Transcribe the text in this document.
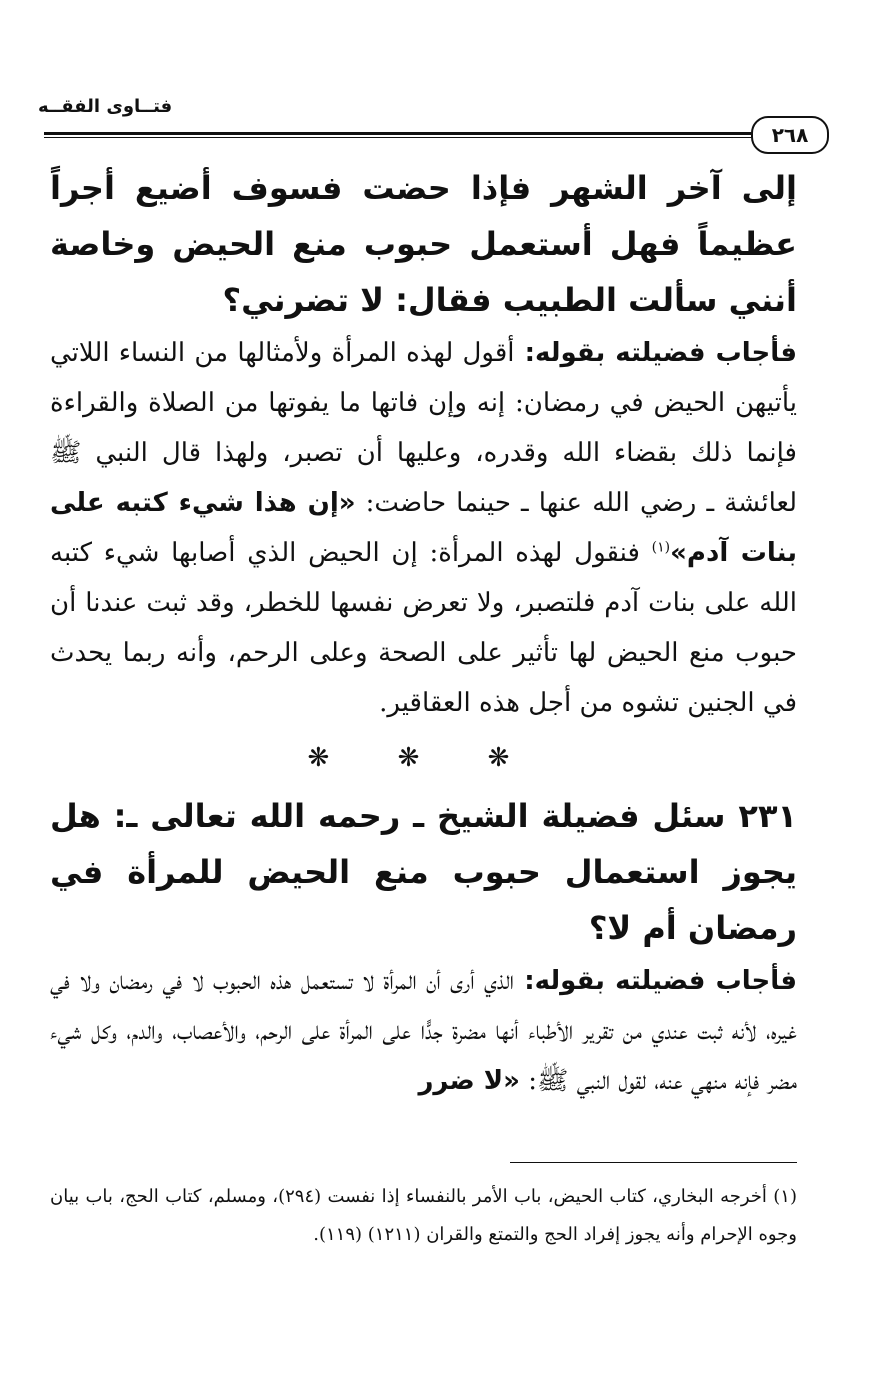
فتــاوى الفقــه
٢٦٨

إلى آخر الشهر فإذا حضت فسوف أضيع أجراً عظيماً فهل أستعمل حبوب منع الحيض وخاصة أنني سألت الطبيب فقال: لا تضرني؟

فأجاب فضيلته بقوله: أقول لهذه المرأة ولأمثالها من النساء اللاتي يأتيهن الحيض في رمضان: إنه وإن فاتها ما يفوتها من الصلاة والقراءة فإنما ذلك بقضاء الله وقدره، وعليها أن تصبر، ولهذا قال النبي ﷺ لعائشة ـ رضي الله عنها ـ حينما حاضت: «إن هذا شيء كتبه على بنات آدم»$^{(١)}$ فنقول لهذه المرأة: إن الحيض الذي أصابها شيء كتبه الله على بنات آدم فلتصبر، ولا تعرض نفسها للخطر، وقد ثبت عندنا أن حبوب منع الحيض لها تأثير على الصحة وعلى الرحم، وأنه ربما يحدث في الجنين تشوه من أجل هذه العقاقير.

❋ ❋ ❋

٢٣١ سئل فضيلة الشيخ ـ رحمه الله تعالى ـ: هل يجوز استعمال حبوب منع الحيض للمرأة في رمضان أم لا؟

فأجاب فضيلته بقوله: الذي أرى أن المرأة لا تستعمل هذه الحبوب لا في رمضان ولا في غيره، لأنه ثبت عندي من تقرير الأطباء أنها مضرة جدًّا على المرأة على الرحم، والأعصاب، والدم، وكل شيء مضر فإنه منهي عنه، لقول النبي ﷺ: «لا ضرر

(١) أخرجه البخاري، كتاب الحيض، باب الأمر بالنفساء إذا نفست (٢٩٤)، ومسلم، كتاب الحج، باب بيان وجوه الإحرام وأنه يجوز إفراد الحج والتمتع والقران (١٢١١) (١١٩).
